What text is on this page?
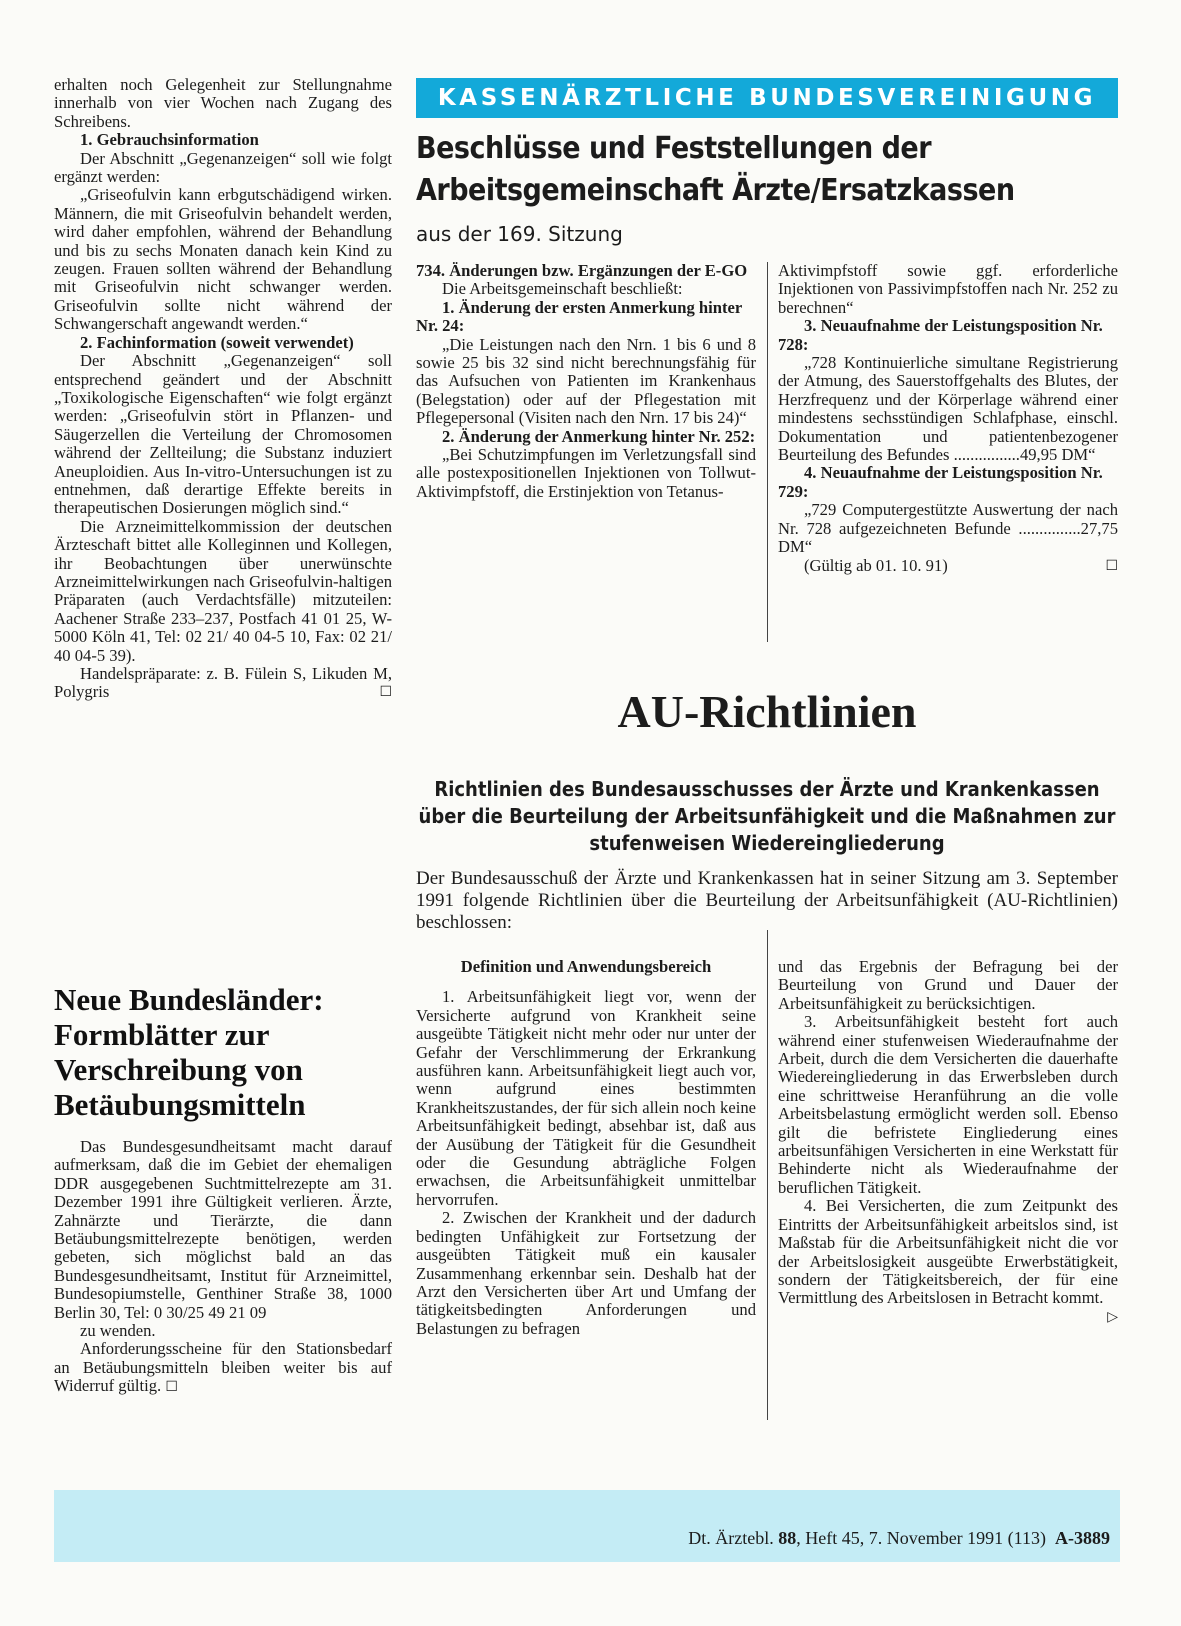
erhalten noch Gelegenheit zur Stellungnahme innerhalb von vier Wochen nach Zugang des Schreibens.

1. Gebrauchsinformation

Der Abschnitt „Gegenanzeigen“ soll wie folgt ergänzt werden:

„Griseofulvin kann erbgutschädigend wirken. Männern, die mit Griseofulvin behandelt werden, wird daher empfohlen, während der Behandlung und bis zu sechs Monaten danach kein Kind zu zeugen. Frauen sollten während der Behandlung mit Griseofulvin nicht schwanger werden. Griseofulvin sollte nicht während der Schwangerschaft angewandt werden.“

2. Fachinformation (soweit verwendet)

Der Abschnitt „Gegenanzeigen“ soll entsprechend geändert und der Abschnitt „Toxikologische Eigenschaften“ wie folgt ergänzt werden: „Griseofulvin stört in Pflanzen- und Säugerzellen die Verteilung der Chromosomen während der Zellteilung; die Substanz induziert Aneuploidien. Aus In-vitro-Untersuchungen ist zu entnehmen, daß derartige Effekte bereits in therapeutischen Dosierungen möglich sind.“

Die Arzneimittelkommission der deutschen Ärzteschaft bittet alle Kolleginnen und Kollegen, ihr Beobachtungen über unerwünschte Arzneimittelwirkungen nach Griseofulvin-haltigen Präparaten (auch Verdachtsfälle) mitzuteilen: Aachener Straße 233–237, Postfach 41 01 25, W-5000 Köln 41, Tel: 02 21/ 40 04-5 10, Fax: 02 21/ 40 04-5 39).

Handelspräparate: z. B. Fülein S, Likuden M, Polygris	☐

Neue Bundesländer: Formblätter zur Verschreibung von Betäubungsmitteln

Das Bundesgesundheitsamt macht darauf aufmerksam, daß die im Gebiet der ehemaligen DDR ausgegebenen Suchtmittelrezepte am 31. Dezember 1991 ihre Gültigkeit verlieren. Ärzte, Zahnärzte und Tierärzte, die dann Betäubungsmittelrezepte benötigen, werden gebeten, sich möglichst bald an das Bundesgesundheitsamt, Institut für Arzneimittel, Bundesopiumstelle, Genthiner Straße 38, 1000 Berlin 30, Tel: 0 30/25 49 21 09

zu wenden.

Anforderungsscheine für den Stationsbedarf an Betäubungsmitteln bleiben weiter bis auf Widerruf gültig. ☐

KASSENÄRZTLICHE BUNDESVEREINIGUNG
Beschlüsse und Feststellungen der Arbeitsgemeinschaft Ärzte/Ersatzkassen
aus der 169. Sitzung

734. Änderungen bzw. Ergänzungen der E-GO

Die Arbeitsgemeinschaft beschließt:

1. Änderung der ersten Anmerkung hinter Nr. 24:

„Die Leistungen nach den Nrn. 1 bis 6 und 8 sowie 25 bis 32 sind nicht berechnungsfähig für das Aufsuchen von Patienten im Krankenhaus (Belegstation) oder auf der Pflegestation mit Pflegepersonal (Visiten nach den Nrn. 17 bis 24)“

2. Änderung der Anmerkung hinter Nr. 252:

„Bei Schutzimpfungen im Verletzungsfall sind alle postexpositionellen Injektionen von Tollwut-Aktivimpfstoff, die Erstinjektion von Tetanus-

Aktivimpfstoff sowie ggf. erforderliche Injektionen von Passivimpfstoffen nach Nr. 252 zu berechnen“

3. Neuaufnahme der Leistungsposition Nr. 728:

„728 Kontinuierliche simultane Registrierung der Atmung, des Sauerstoffgehalts des Blutes, der Herzfrequenz und der Körperlage während einer mindestens sechsstündigen Schlafphase, einschl. Dokumentation und patientenbezogener Beurteilung des Befundes ................49,95 DM“

4. Neuaufnahme der Leistungsposition Nr. 729:

„729 Computergestützte Auswertung der nach Nr. 728 aufgezeichneten Befunde ...............27,75 DM“

(Gültig ab 01. 10. 91)	☐

AU-Richtlinien
Richtlinien des Bundesausschusses der Ärzte und Krankenkassen über die Beurteilung der Arbeitsunfähigkeit und die Maßnahmen zur stufenweisen Wiedereingliederung
Der Bundesausschuß der Ärzte und Krankenkassen hat in seiner Sitzung am 3. September 1991 folgende Richtlinien über die Beurteilung der Arbeitsunfähigkeit (AU-Richtlinien) beschlossen:

Definition und Anwendungsbereich

1. Arbeitsunfähigkeit liegt vor, wenn der Versicherte aufgrund von Krankheit seine ausgeübte Tätigkeit nicht mehr oder nur unter der Gefahr der Verschlimmerung der Erkrankung ausführen kann. Arbeitsunfähigkeit liegt auch vor, wenn aufgrund eines bestimmten Krankheitszustandes, der für sich allein noch keine Arbeitsunfähigkeit bedingt, absehbar ist, daß aus der Ausübung der Tätigkeit für die Gesundheit oder die Gesundung abträgliche Folgen erwachsen, die Arbeitsunfähigkeit unmittelbar hervorrufen.

2. Zwischen der Krankheit und der dadurch bedingten Unfähigkeit zur Fortsetzung der ausgeübten Tätigkeit muß ein kausaler Zusammenhang erkennbar sein. Deshalb hat der Arzt den Versicherten über Art und Umfang der tätigkeitsbedingten Anforderungen und Belastungen zu befragen

und das Ergebnis der Befragung bei der Beurteilung von Grund und Dauer der Arbeitsunfähigkeit zu berücksichtigen.

3. Arbeitsunfähigkeit besteht fort auch während einer stufenweisen Wiederaufnahme der Arbeit, durch die dem Versicherten die dauerhafte Wiedereingliederung in das Erwerbsleben durch eine schrittweise Heranführung an die volle Arbeitsbelastung ermöglicht werden soll. Ebenso gilt die befristete Eingliederung eines arbeitsunfähigen Versicherten in eine Werkstatt für Behinderte nicht als Wiederaufnahme der beruflichen Tätigkeit.

4. Bei Versicherten, die zum Zeitpunkt des Eintritts der Arbeitsunfähigkeit arbeitslos sind, ist Maßstab für die Arbeitsunfähigkeit nicht die vor der Arbeitslosigkeit ausgeübte Erwerbstätigkeit, sondern der Tätigkeitsbereich, der für eine Vermittlung des Arbeitslosen in Betracht kommt.
▷

Dt. Ärztebl. 88, Heft 45, 7. November 1991 (113) A-3889
